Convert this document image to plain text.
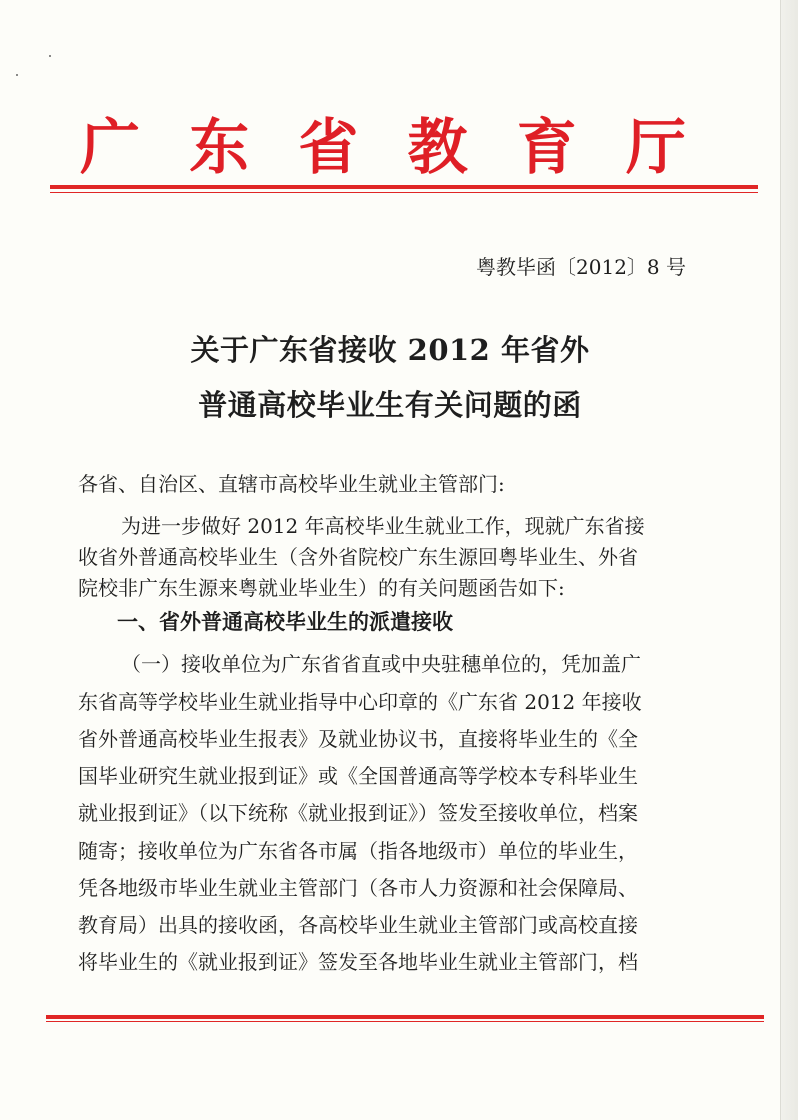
广 东 省 教 育 厅
粤教毕函〔2012〕8 号
关于广东省接收 2012 年省外
普通高校毕业生有关问题的函
各省、自治区、直辖市高校毕业生就业主管部门:
为进一步做好 2012 年高校毕业生就业工作，现就广东省接
收省外普通高校毕业生（含外省院校广东生源回粤毕业生、外省
院校非广东生源来粤就业毕业生）的有关问题函告如下:
一、省外普通高校毕业生的派遣接收
（一）接收单位为广东省省直或中央驻穗单位的，凭加盖广
东省高等学校毕业生就业指导中心印章的《广东省 2012 年接收
省外普通高校毕业生报表》及就业协议书，直接将毕业生的《全
国毕业研究生就业报到证》或《全国普通高等学校本专科毕业生
就业报到证》（以下统称《就业报到证》）签发至接收单位，档案
随寄；接收单位为广东省各市属（指各地级市）单位的毕业生，
凭各地级市毕业生就业主管部门（各市人力资源和社会保障局、
教育局）出具的接收函，各高校毕业生就业主管部门或高校直接
将毕业生的《就业报到证》签发至各地毕业生就业主管部门，档
